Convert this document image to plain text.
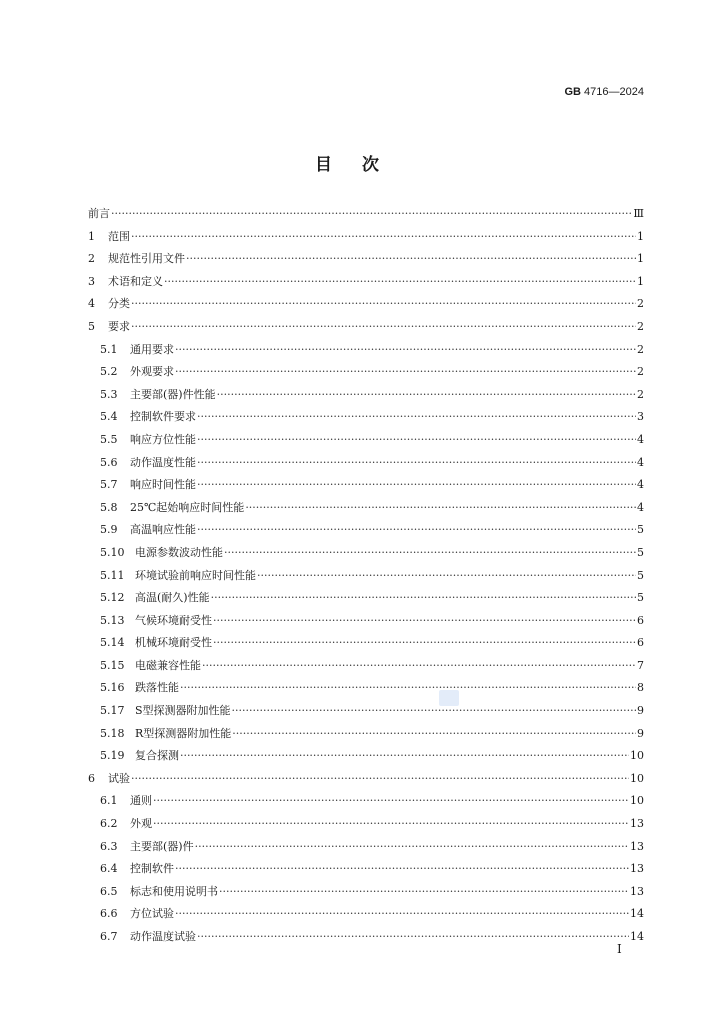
GB 4716—2024
目次
前言 ·····	Ⅲ
1	范围 ·····	1
2	规范性引用文件 ·····	1
3	术语和定义 ·····	1
4	分类 ·····	2
5	要求 ·····	2
5.1	通用要求 ·····	2
5.2	外观要求 ·····	2
5.3	主要部(器)件性能 ·····	2
5.4	控制软件要求 ·····	3
5.5	响应方位性能 ·····	4
5.6	动作温度性能 ·····	4
5.7	响应时间性能 ·····	4
5.8	25℃起始响应时间性能 ·····	4
5.9	高温响应性能 ·····	5
5.10 电源参数波动性能 ·····	5
5.11 环境试验前响应时间性能 ·····	5
5.12 高温(耐久)性能 ·····	5
5.13 气候环境耐受性 ·····	6
5.14 机械环境耐受性 ·····	6
5.15 电磁兼容性能 ·····	7
5.16 跌落性能 ·····	8
5.17 S型探测器附加性能 ·····	9
5.18 R型探测器附加性能 ·····	9
5.19 复合探测 ·····	10
6	试验 ·····	10
6.1	通则 ·····	10
6.2	外观 ·····	13
6.3	主要部(器)件 ·····	13
6.4	控制软件 ·····	13
6.5	标志和使用说明书 ·····	13
6.6	方位试验 ·····	14
6.7	动作温度试验 ·····	14
Ⅰ
